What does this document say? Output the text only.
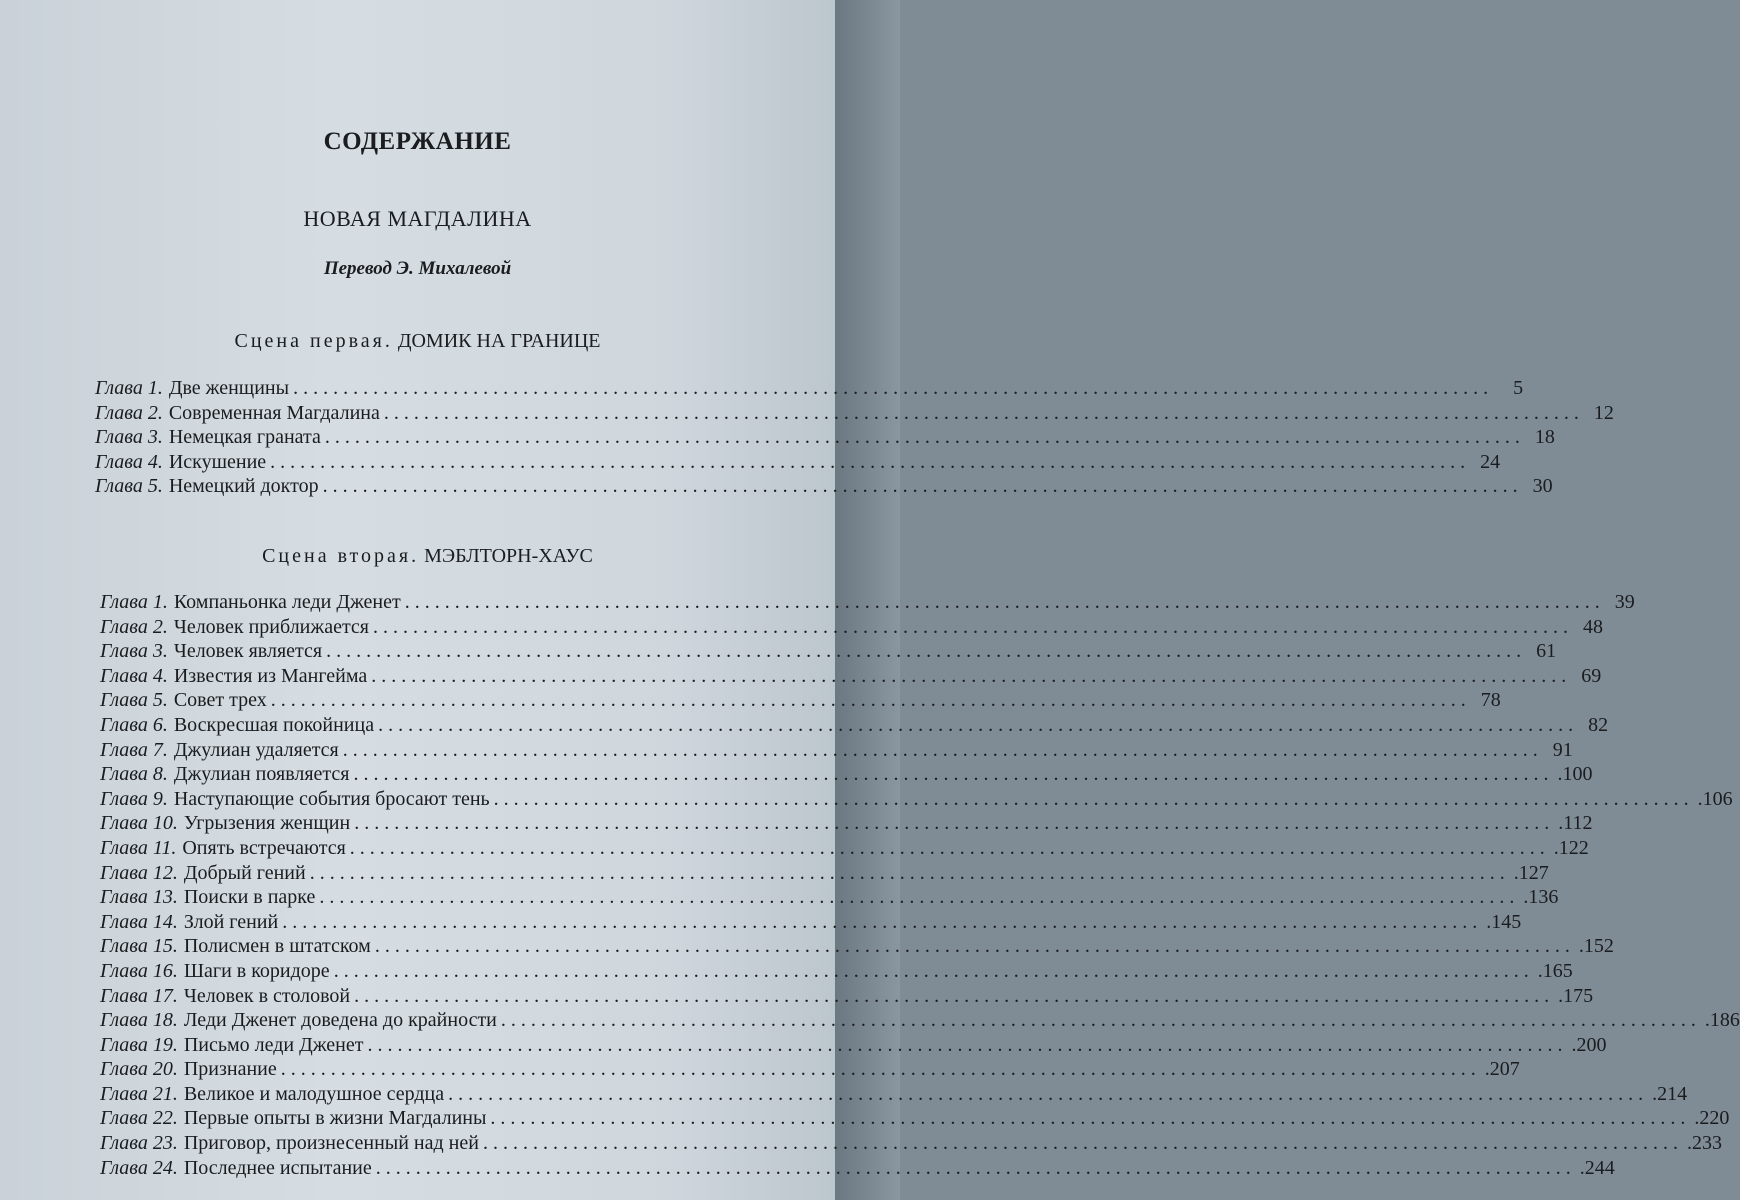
СОДЕРЖАНИЕ
НОВАЯ МАГДАЛИНА
Перевод Э. Михалевой
Сцена первая. ДОМИК НА ГРАНИЦЕ
Глава 1. Две женщины ........................................................................................................................	5
Глава 2. Современная Магдалина ........................................................................................................................ 12
Глава 3. Немецкая граната ........................................................................................................................ 18
Глава 4. Искушение ........................................................................................................................ 24
Глава 5. Немецкий доктор ........................................................................................................................ 30
Сцена вторая. МЭБЛТОРН-ХАУС
Глава 1. Компаньонка леди Дженет ........................................................................................................................ 39
Глава 2. Человек приближается ........................................................................................................................ 48
Глава 3. Человек является ........................................................................................................................ 61
Глава 4. Известия из Мангейма ........................................................................................................................ 69
Глава 5. Совет трех ........................................................................................................................ 78
Глава 6. Воскресшая покойница ........................................................................................................................ 82
Глава 7. Джулиан удаляется ........................................................................................................................ 91
Глава 8. Джулиан появляется ........................................................................................................................ .100
Глава 9. Наступающие события бросают тень ........................................................................................................................ .106
Глава 10. Угрызения женщин ........................................................................................................................ .112
Глава 11. Опять встречаются ........................................................................................................................ .122
Глава 12. Добрый гений ........................................................................................................................ .127
Глава 13. Поиски в парке ........................................................................................................................ .136
Глава 14. Злой гений ........................................................................................................................ .145
Глава 15. Полисмен в штатском ........................................................................................................................ .152
Глава 16. Шаги в коридоре ........................................................................................................................ .165
Глава 17. Человек в столовой ........................................................................................................................ .175
Глава 18. Леди Дженет доведена до крайности ........................................................................................................................ .186
Глава 19. Письмо леди Дженет ........................................................................................................................ .200
Глава 20. Признание ........................................................................................................................ .207
Глава 21. Великое и малодушное сердца ........................................................................................................................ .214
Глава 22. Первые опыты в жизни Магдалины ........................................................................................................................ .220
Глава 23. Приговор, произнесенный над ней ........................................................................................................................ .233
Глава 24. Последнее испытание ........................................................................................................................ .244
